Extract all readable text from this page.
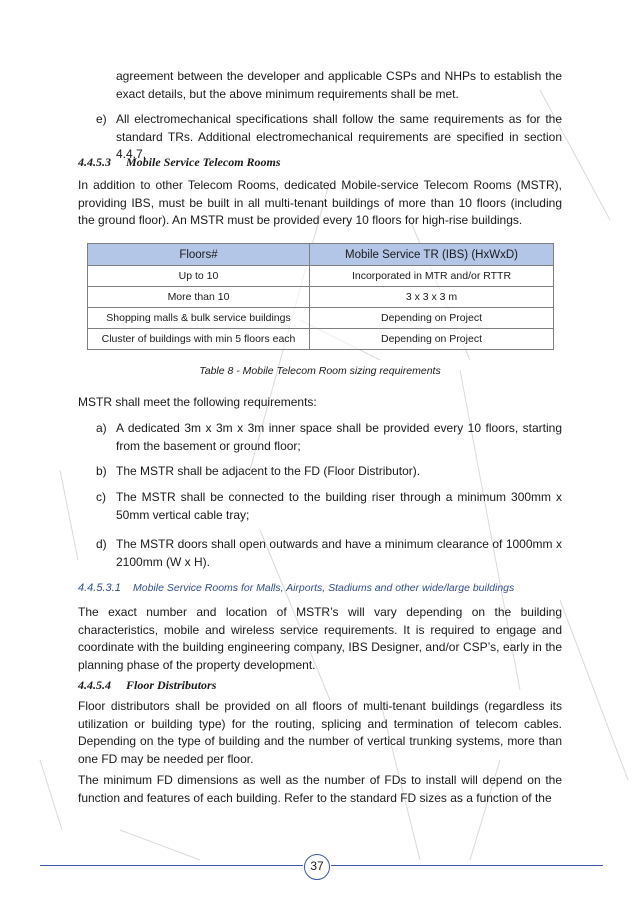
agreement between the developer and applicable CSPs and NHPs to establish the exact details, but the above minimum requirements shall be met.

e) All electromechanical specifications shall follow the same requirements as for the standard TRs. Additional electromechanical requirements are specified in section 4.4.7.
4.4.5.3 Mobile Service Telecom Rooms

In addition to other Telecom Rooms, dedicated Mobile-service Telecom Rooms (MSTR), providing IBS, must be built in all multi-tenant buildings of more than 10 floors (including the ground floor). An MSTR must be provided every 10 floors for high-rise buildings.

Floors#	Mobile Service TR (IBS) (HxWxD)
Up to 10	Incorporated in MTR and/or RTTR
More than 10	3 x 3 x 3 m
Shopping malls & bulk service buildings	Depending on Project
Cluster of buildings with min 5 floors each	Depending on Project
Table 8 - Mobile Telecom Room sizing requirements

MSTR shall meet the following requirements:

a) A dedicated 3m x 3m x 3m inner space shall be provided every 10 floors, starting from the basement or ground floor;
b) The MSTR shall be adjacent to the FD (Floor Distributor).
c) The MSTR shall be connected to the building riser through a minimum 300mm x 50mm vertical cable tray;
d) The MSTR doors shall open outwards and have a minimum clearance of 1000mm x 2100mm (W x H).
4.4.5.3.1 Mobile Service Rooms for Malls, Airports, Stadiums and other wide/large buildings

The exact number and location of MSTR’s will vary depending on the building characteristics, mobile and wireless service requirements. It is required to engage and coordinate with the building engineering company, IBS Designer, and/or CSP’s, early in the planning phase of the property development.

4.4.5.4 Floor Distributors

Floor distributors shall be provided on all floors of multi-tenant buildings (regardless its utilization or building type) for the routing, splicing and termination of telecom cables. Depending on the type of building and the number of vertical trunking systems, more than one FD may be needed per floor.

The minimum FD dimensions as well as the number of FDs to install will depend on the function and features of each building. Refer to the standard FD sizes as a function of the

37
